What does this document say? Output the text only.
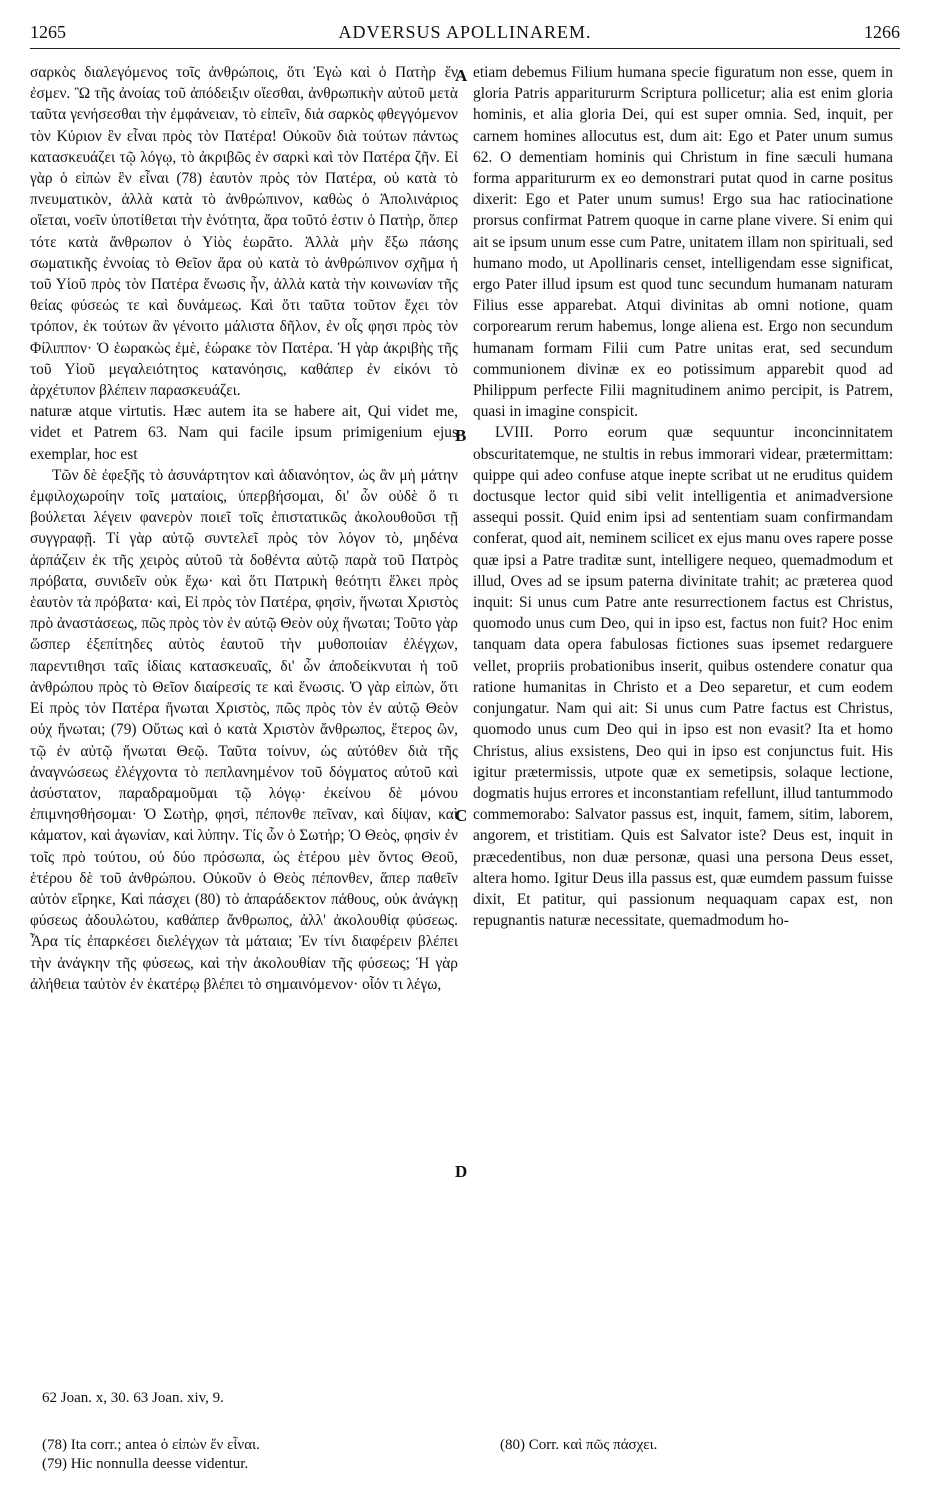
1265	ADVERSUS APOLLINAREM.	1266

σαρκὸς διαλεγόμενος τοῖς ἀνθρώποις, ὅτι Ἐγὼ καὶ ὁ Πατὴρ ἕν ἐσμεν. Ὢ τῆς ἀνοίας τοῦ ἀπόδειξιν οἴεσθαι, ἀνθρωπικὴν αὐτοῦ μετὰ ταῦτα γενήσεσθαι τὴν ἐμφάνειαν, τὸ εἰπεῖν, διὰ σαρκὸς φθεγγόμενον τὸν Κύριον ἓν εἶναι πρὸς τὸν Πατέρα! Οὐκοῦν διὰ τούτων πάντως κατασκευάζει τῷ λόγῳ, τὸ ἀκριβῶς ἐν σαρκὶ καὶ τὸν Πατέρα ζῆν. Εἰ γὰρ ὁ εἰπὼν ἓν εἶναι (78) ἑαυτὸν πρὸς τὸν Πατέρα, οὐ κατὰ τὸ πνευματικὸν, ἀλλὰ κατὰ τὸ ἀνθρώπινον, καθὼς ὁ Ἀπολινάριος οἴεται, νοεῖν ὑποτίθεται τὴν ἑνότητα, ἄρα τοῦτό ἐστιν ὁ Πατὴρ, ὅπερ τότε κατὰ ἄνθρωπον ὁ Υἱὸς ἑωρᾶτο. Ἀλλὰ μὴν ἔξω πάσης σωματικῆς ἐννοίας τὸ Θεῖον ἄρα οὐ κατὰ τὸ ἀνθρώπινον σχῆμα ἡ τοῦ Υἱοῦ πρὸς τὸν Πατέρα ἕνωσις ἦν, ἀλλὰ κατὰ τὴν κοινωνίαν τῆς θείας φύσεώς τε καὶ δυνάμεως. Καὶ ὅτι ταῦτα τοῦτον ἔχει τὸν τρόπον, ἐκ τούτων ἂν γένοιτο μάλιστα δῆλον, ἐν οἷς φησι πρὸς τὸν Φίλιππον· Ὁ ἑωρακὼς ἐμὲ, ἑώρακε τὸν Πατέρα. Ἡ γὰρ ἀκριβὴς τῆς τοῦ Υἱοῦ μεγαλειότητος κατανόησις, καθάπερ ἐν εἰκόνι τὸ ἀρχέτυπον βλέπειν παρασκευάζει.

naturæ atque virtutis. Hæc autem ita se habere ait, Qui videt me, videt et Patrem 63. Nam qui facile ipsum primigenium ejus exemplar, hoc est

Τῶν δὲ ἐφεξῆς τὸ ἀσυνάρτητον καὶ ἀδιανόητον, ὡς ἂν μὴ μάτην ἐμφιλοχωροίην τοῖς ματαίοις, ὑπερβήσομαι, δι' ὧν οὐδὲ ὅ τι βούλεται λέγειν φανερὸν ποιεῖ τοῖς ἐπιστατικῶς ἀκολουθοῦσι τῇ συγγραφῇ. Τί γὰρ αὐτῷ συντελεῖ πρὸς τὸν λόγον τὸ, μηδένα ἁρπάζειν ἐκ τῆς χειρὸς αὐτοῦ τὰ δοθέντα αὐτῷ παρὰ τοῦ Πατρὸς πρόβατα, συνιδεῖν οὐκ ἔχω· καὶ ὅτι Πατρικὴ θεότητι ἕλκει πρὸς ἑαυτὸν τὰ πρόβατα· καὶ, Εἰ πρὸς τὸν Πατέρα, φησὶν, ἥνωται Χριστὸς πρὸ ἀναστάσεως, πῶς πρὸς τὸν ἐν αὐτῷ Θεὸν οὐχ ἥνωται; Τοῦτο γὰρ ὥσπερ ἐξεπίτηδες αὐτὸς ἑαυτοῦ τὴν μυθοποιίαν ἐλέγχων, παρεντιθησι ταῖς ἰδίαις κατασκευαῖς, δι' ὧν ἀποδείκνυται ἡ τοῦ ἀνθρώπου πρὸς τὸ Θεῖον διαίρεσίς τε καὶ ἕνωσις. Ὁ γὰρ εἰπὼν, ὅτι Εἰ πρὸς τὸν Πατέρα ἥνωται Χριστὸς, πῶς πρὸς τὸν ἐν αὐτῷ Θεὸν οὐχ ἥνωται; (79) Οὕτως καὶ ὁ κατὰ Χριστὸν ἄνθρωπος, ἕτερος ὢν, τῷ ἐν αὐτῷ ἥνωται Θεῷ. Ταῦτα τοίνυν, ὡς αὐτόθεν διὰ τῆς ἀναγνώσεως ἐλέγχοντα τὸ πεπλανημένον τοῦ δόγματος αὐτοῦ καὶ ἀσύστατον, παραδραμοῦμαι τῷ λόγῳ· ἐκείνου δὲ μόνου ἐπιμνησθήσομαι· Ὁ Σωτὴρ, φησὶ, πέπονθε πεῖναν, καὶ δίψαν, καὶ κάματον, καὶ ἀγωνίαν, καὶ λύπην. Τίς ὧν ὁ Σωτήρ; Ὁ Θεὸς, φησὶν ἐν τοῖς πρὸ τούτου, οὐ δύο πρόσωπα, ὡς ἑτέρου μὲν ὄντος Θεοῦ, ἑτέρου δὲ τοῦ ἀνθρώπου. Οὐκοῦν ὁ Θεὸς πέπονθεν, ἅπερ παθεῖν αὐτὸν εἴρηκε, Καὶ πάσχει (80) τὸ ἀπαράδεκτον πάθους, οὐκ ἀνάγκῃ φύσεως ἀδουλώτου, καθάπερ ἄνθρωπος, ἀλλ' ἀκολουθίᾳ φύσεως. Ἆρα τίς ἐπαρκέσει διελέγχων τὰ μάταια; Ἐν τίνι διαφέρειν βλέπει τὴν ἀνάγκην τῆς φύσεως, καὶ τὴν ἀκολουθίαν τῆς φύσεως; Ἡ γὰρ ἀλήθεια ταὐτὸν ἐν ἑκατέρῳ βλέπει τὸ σημαινόμενον· οἷόν τι λέγω,

etiam debemus Filium humana specie figuratum non esse, quem in gloria Patris apparitururm Scriptura pollicetur; alia est enim gloria hominis, et alia gloria Dei, qui est super omnia. Sed, inquit, per carnem homines allocutus est, dum ait: Ego et Pater unum sumus 62. O dementiam hominis qui Christum in fine sæculi humana forma apparitururm ex eo demonstrari putat quod in carne positus dixerit: Ego et Pater unum sumus! Ergo sua hac ratiocinatione prorsus confirmat Patrem quoque in carne plane vivere. Si enim qui ait se ipsum unum esse cum Patre, unitatem illam non spirituali, sed humano modo, ut Apollinaris censet, intelligendam esse significat, ergo Pater illud ipsum est quod tunc secundum humanam naturam Filius esse apparebat. Atqui divinitas ab omni notione, quam corporearum rerum habemus, longe aliena est. Ergo non secundum humanam formam Filii cum Patre unitas erat, sed secundum communionem divinæ ex eo potissimum apparebit quod ad Philippum perfecte Filii magnitudinem animo percipit, is Patrem, quasi in imagine conspicit.

LVIII. Porro eorum quæ sequuntur inconcinnitatem obscuritatemque, ne stultis in rebus immorari videar, prætermittam: quippe qui adeo confuse atque inepte scribat ut ne eruditus quidem doctusque lector quid sibi velit intelligentia et animadversione assequi possit. Quid enim ipsi ad sententiam suam confirmandam conferat, quod ait, neminem scilicet ex ejus manu oves rapere posse quæ ipsi a Patre traditæ sunt, intelligere nequeo, quemadmodum et illud, Oves ad se ipsum paterna divinitate trahit; ac præterea quod inquit: Si unus cum Patre ante resurrectionem factus est Christus, quomodo unus cum Deo, qui in ipso est, factus non fuit? Hoc enim tanquam data opera fabulosas fictiones suas ipsemet redarguere vellet, propriis probationibus inserit, quibus ostendere conatur qua ratione humanitas in Christo et a Deo separetur, et cum eodem conjungatur. Nam qui ait: Si unus cum Patre factus est Christus, quomodo unus cum Deo qui in ipso est non evasit? Ita et homo Christus, alius exsistens, Deo qui in ipso est conjunctus fuit. His igitur prætermissis, utpote quæ ex semetipsis, solaque lectione, dogmatis hujus errores et inconstantiam refellunt, illud tantummodo commemorabo: Salvator passus est, inquit, famem, sitim, laborem, angorem, et tristitiam. Quis est Salvator iste? Deus est, inquit in præcedentibus, non duæ personæ, quasi una persona Deus esset, altera homo. Igitur Deus illa passus est, quæ eumdem passum fuisse dixit, Et patitur, qui passionum nequaquam capax est, non repugnantis naturæ necessitate, quemadmodum ho-

A
B
C
D
62 Joan. x, 30. 63 Joan. xiv, 9.
(78) Ita corr.; antea ὁ εἰπὼν ἕν εἶναι.
(79) Hic nonnulla deesse videntur.
(80) Corr. καὶ πῶς πάσχει.
